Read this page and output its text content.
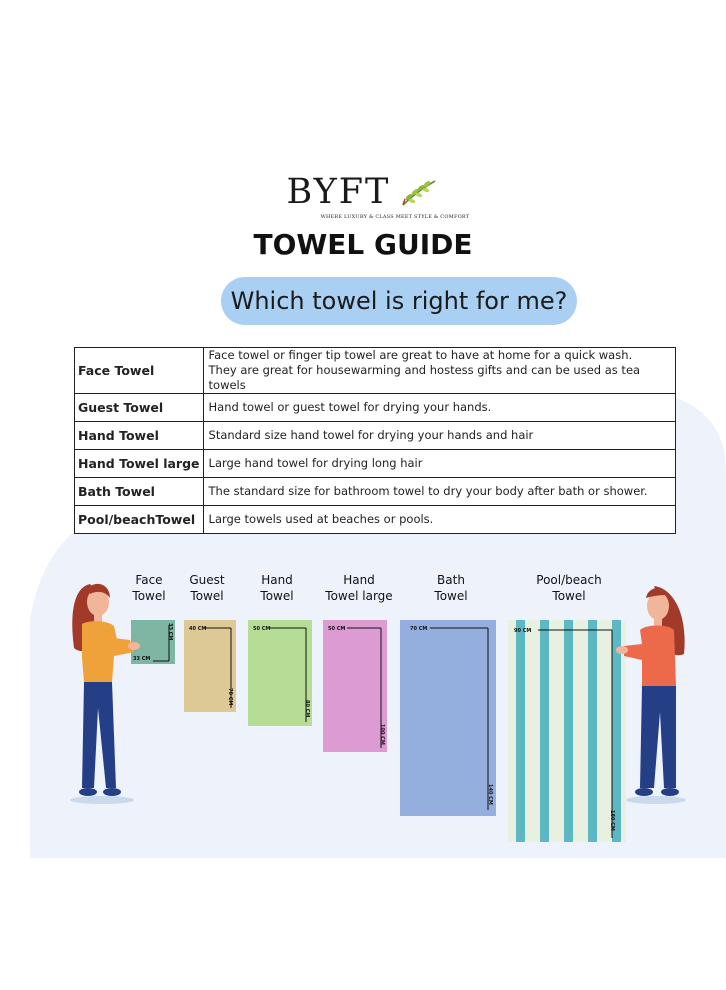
BYFT
WHERE LUXURY & CLASS MEET STYLE & COMFORT
TOWEL GUIDE
Which towel is right for me?
Face Towel	Face towel or finger tip towel are great to have at home for a quick wash.
They are great for housewarming and hostess gifts and can be used as tea towels

Guest Towel	Hand towel or guest towel for drying your hands.
Hand Towel	Standard size hand towel for drying your hands and hair
Hand Towel large	Large hand towel for drying long hair
Bath Towel	The standard size for bathroom towel to dry your body after bath or shower.
Pool/beachTowel	Large towels used at beaches or pools.
Face
Towel
Guest
Towel
Hand
Towel
Hand
Towel large
Bath
Towel
Pool/beach
Towel
33 CM
33 CM	40 CM
70 CM
50 CM
80 CM
50 CM
100 CM
70 CM
140 CM
90 CM
180 CM
